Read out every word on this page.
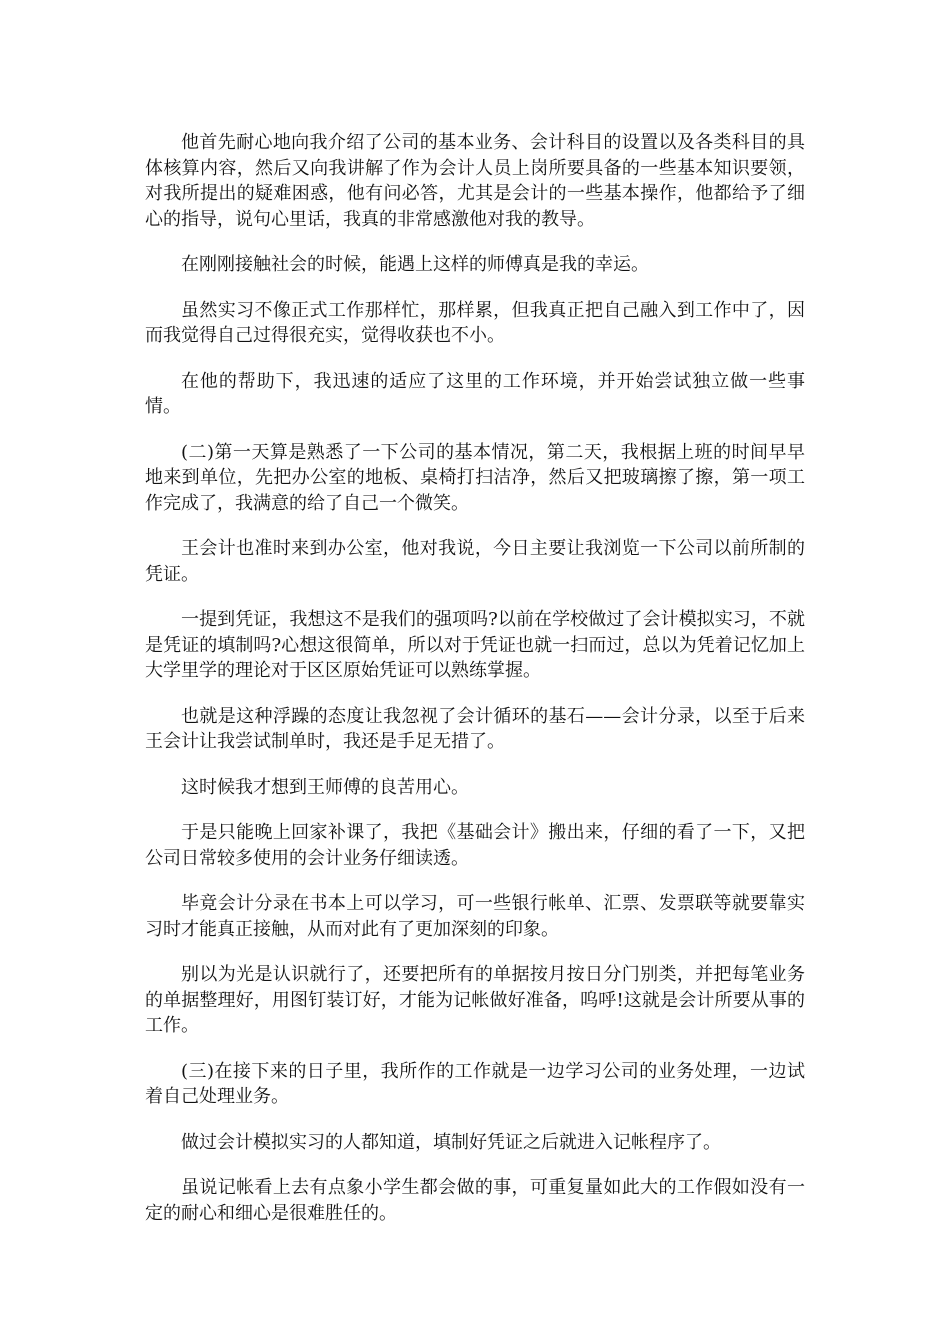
他首先耐心地向我介绍了公司的基本业务、会计科目的设置以及各类科目的具体核算内容，然后又向我讲解了作为会计人员上岗所要具备的一些基本知识要领，对我所提出的疑难困惑，他有问必答，尤其是会计的一些基本操作，他都给予了细心的指导，说句心里话，我真的非常感激他对我的教导。

在刚刚接触社会的时候，能遇上这样的师傅真是我的幸运。

虽然实习不像正式工作那样忙，那样累，但我真正把自己融入到工作中了，因而我觉得自己过得很充实，觉得收获也不小。

在他的帮助下，我迅速的适应了这里的工作环境，并开始尝试独立做一些事情。

(二)第一天算是熟悉了一下公司的基本情况，第二天，我根据上班的时间早早地来到单位，先把办公室的地板、桌椅打扫洁净，然后又把玻璃擦了擦，第一项工作完成了，我满意的给了自己一个微笑。

王会计也准时来到办公室，他对我说，今日主要让我浏览一下公司以前所制的凭证。

一提到凭证，我想这不是我们的强项吗?以前在学校做过了会计模拟实习，不就是凭证的填制吗?心想这很简单，所以对于凭证也就一扫而过，总以为凭着记忆加上大学里学的理论对于区区原始凭证可以熟练掌握。

也就是这种浮躁的态度让我忽视了会计循环的基石——会计分录，以至于后来王会计让我尝试制单时，我还是手足无措了。

这时候我才想到王师傅的良苦用心。

于是只能晚上回家补课了，我把《基础会计》搬出来，仔细的看了一下，又把公司日常较多使用的会计业务仔细读透。

毕竟会计分录在书本上可以学习，可一些银行帐单、汇票、发票联等就要靠实习时才能真正接触，从而对此有了更加深刻的印象。

别以为光是认识就行了，还要把所有的单据按月按日分门别类，并把每笔业务的单据整理好，用图钉装订好，才能为记帐做好准备，呜呼!这就是会计所要从事的工作。

(三)在接下来的日子里，我所作的工作就是一边学习公司的业务处理，一边试着自己处理业务。

做过会计模拟实习的人都知道，填制好凭证之后就进入记帐程序了。

虽说记帐看上去有点象小学生都会做的事，可重复量如此大的工作假如没有一定的耐心和细心是很难胜任的。
